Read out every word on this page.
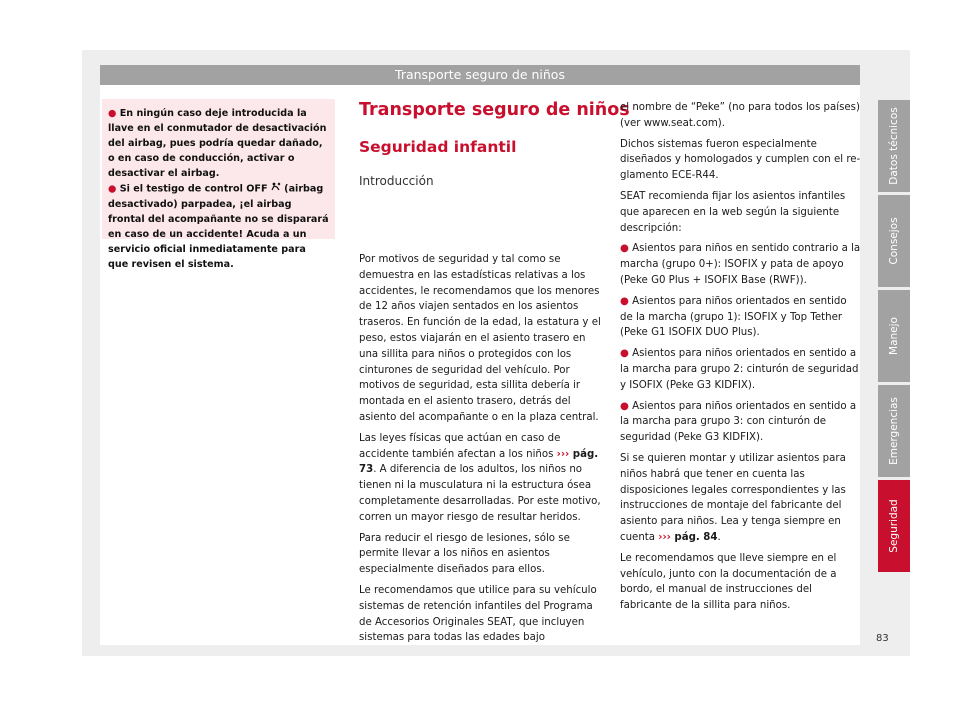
Transporte seguro de niños

● En ningún caso deje introducida la llave en el conmutador de desactivación del airbag, pues podría quedar dañado, o en caso de conducción, activar o desactivar el airbag.

● Si el testigo de control OFF  (airbag desactivado) parpadea, ¡el airbag frontal del acompañante no se disparará en caso de un accidente! Acuda a un servicio oficial inmediatamente para que revisen el sistema.

Transporte seguro de niños
Seguridad infantil
Introducción

Por motivos de seguridad y tal como se demuestra en las estadísticas relativas a los accidentes, le recomendamos que los menores de 12 años viajen sentados en los asientos traseros. En función de la edad, la estatura y el peso, estos viajarán en el asiento trasero en una sillita para niños o protegidos con los cinturones de seguridad del vehículo. Por motivos de seguridad, esta sillita debería ir montada en el asiento trasero, detrás del asiento del acompañante o en la plaza central.

Las leyes físicas que actúan en caso de accidente también afectan a los niños ››› pág. 73. A diferencia de los adultos, los niños no tienen ni la musculatura ni la estructura ósea completamente desarrolladas. Por este motivo, corren un mayor riesgo de resultar heridos.

Para reducir el riesgo de lesiones, sólo se permite llevar a los niños en asientos especialmente diseñados para ellos.

Le recomendamos que utilice para su vehículo sistemas de retención infantiles del Programa de Accesorios Originales SEAT, que incluyen sistemas para todas las edades bajo

el nombre de “Peke” (no para todos los países) (ver www.seat.com).

Dichos sistemas fueron especialmente diseñados y homologados y cumplen con el re-glamento ECE-R44.

SEAT recomienda fijar los asientos infantiles que aparecen en la web según la siguiente descripción:

● Asientos para niños en sentido contrario a la marcha (grupo 0+): ISOFIX y pata de apoyo (Peke G0 Plus + ISOFIX Base (RWF)).

● Asientos para niños orientados en sentido de la marcha (grupo 1): ISOFIX y Top Tether (Peke G1 ISOFIX DUO Plus).

● Asientos para niños orientados en sentido a la marcha para grupo 2: cinturón de seguridad y ISOFIX (Peke G3 KIDFIX).

● Asientos para niños orientados en sentido a la marcha para grupo 3: con cinturón de seguridad (Peke G3 KIDFIX).

Si se quieren montar y utilizar asientos para niños habrá que tener en cuenta las disposiciones legales correspondientes y las instrucciones de montaje del fabricante del asiento para niños. Lea y tenga siempre en cuenta ››› pág. 84.

Le recomendamos que lleve siempre en el vehículo, junto con la documentación de a bordo, el manual de instrucciones del fabricante de la sillita para niños.

Datos técnicos
Consejos
Manejo
Emergencias
Seguridad
83
